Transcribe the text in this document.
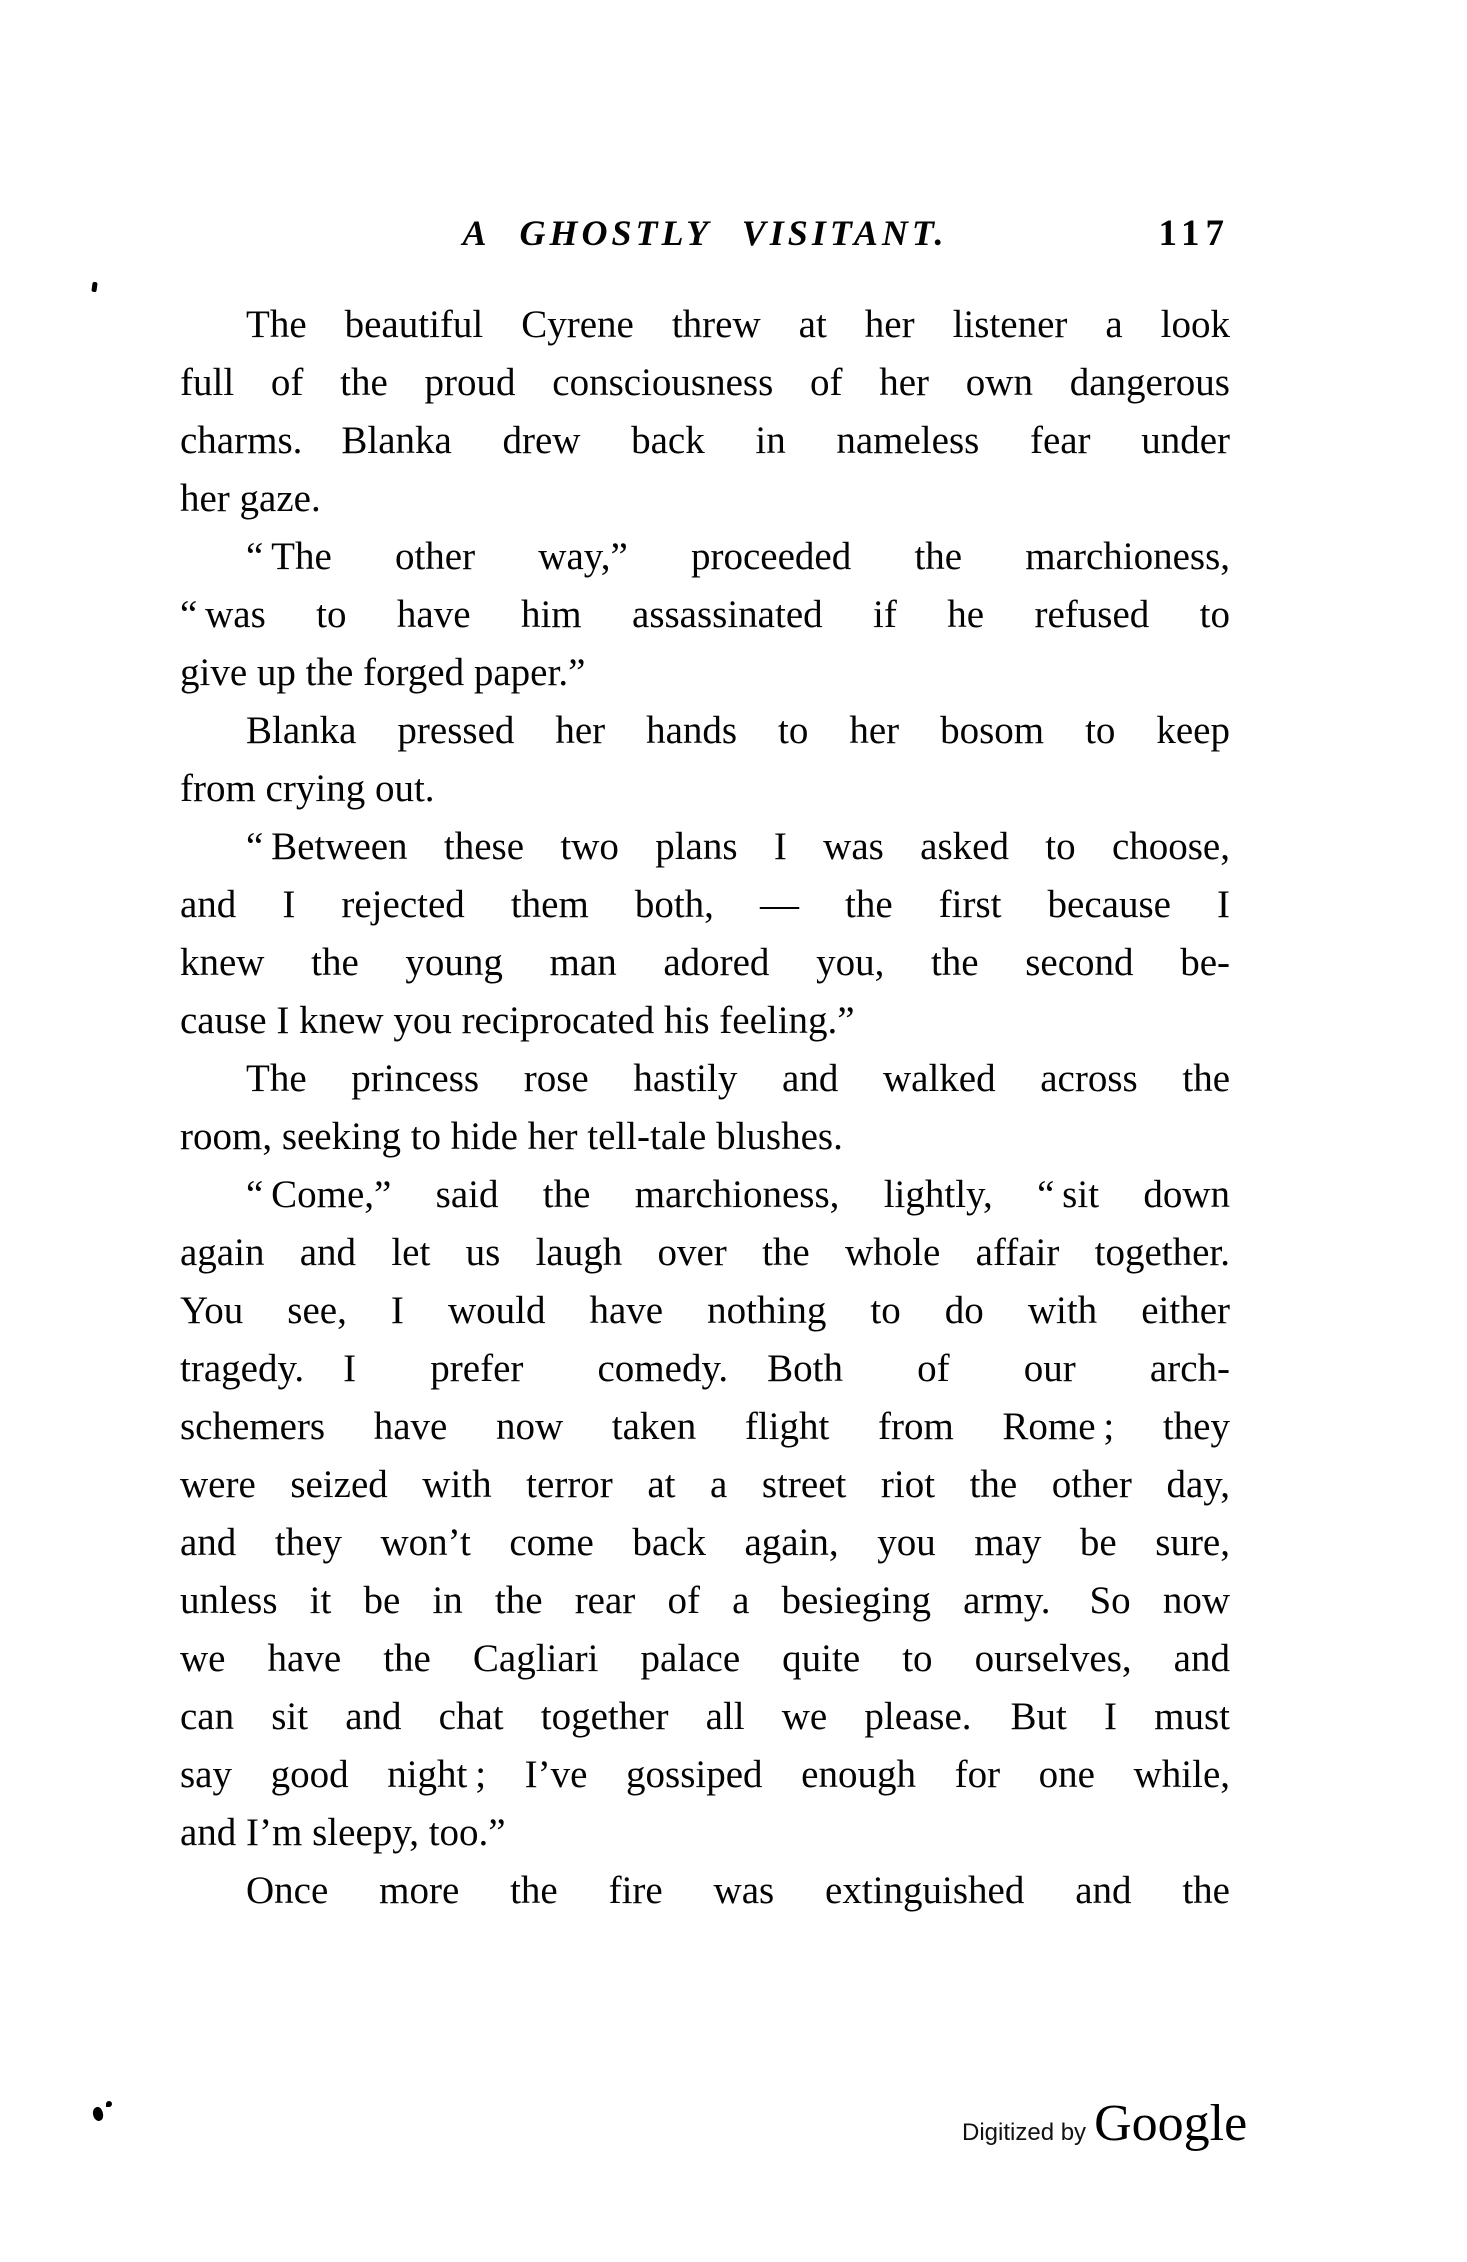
A GHOSTLY VISITANT.	117
The beautiful Cyrene threw at her listener a look
full of the proud consciousness of her own dangerous
charms. Blanka drew back in nameless fear under
her gaze.
“ The other way,” proceeded the marchioness,
“ was to have him assassinated if he refused to
give up the forged paper.”
Blanka pressed her hands to her bosom to keep
from crying out.
“ Between these two plans I was asked to choose,
and I rejected them both, — the first because I
knew the young man adored you, the second be-
cause I knew you reciprocated his feeling.”
The princess rose hastily and walked across the
room, seeking to hide her tell-tale blushes.
“ Come,” said the marchioness, lightly, “ sit down
again and let us laugh over the whole affair together.
You see, I would have nothing to do with either
tragedy. I prefer comedy. Both of our arch-
schemers have now taken flight from Rome ; they
were seized with terror at a street riot the other day,
and they won’t come back again, you may be sure,
unless it be in the rear of a besieging army. So now
we have the Cagliari palace quite to ourselves, and
can sit and chat together all we please. But I must
say good night ; I’ve gossiped enough for one while,
and I’m sleepy, too.”
Once more the fire was extinguished and the
Digitized by Google
